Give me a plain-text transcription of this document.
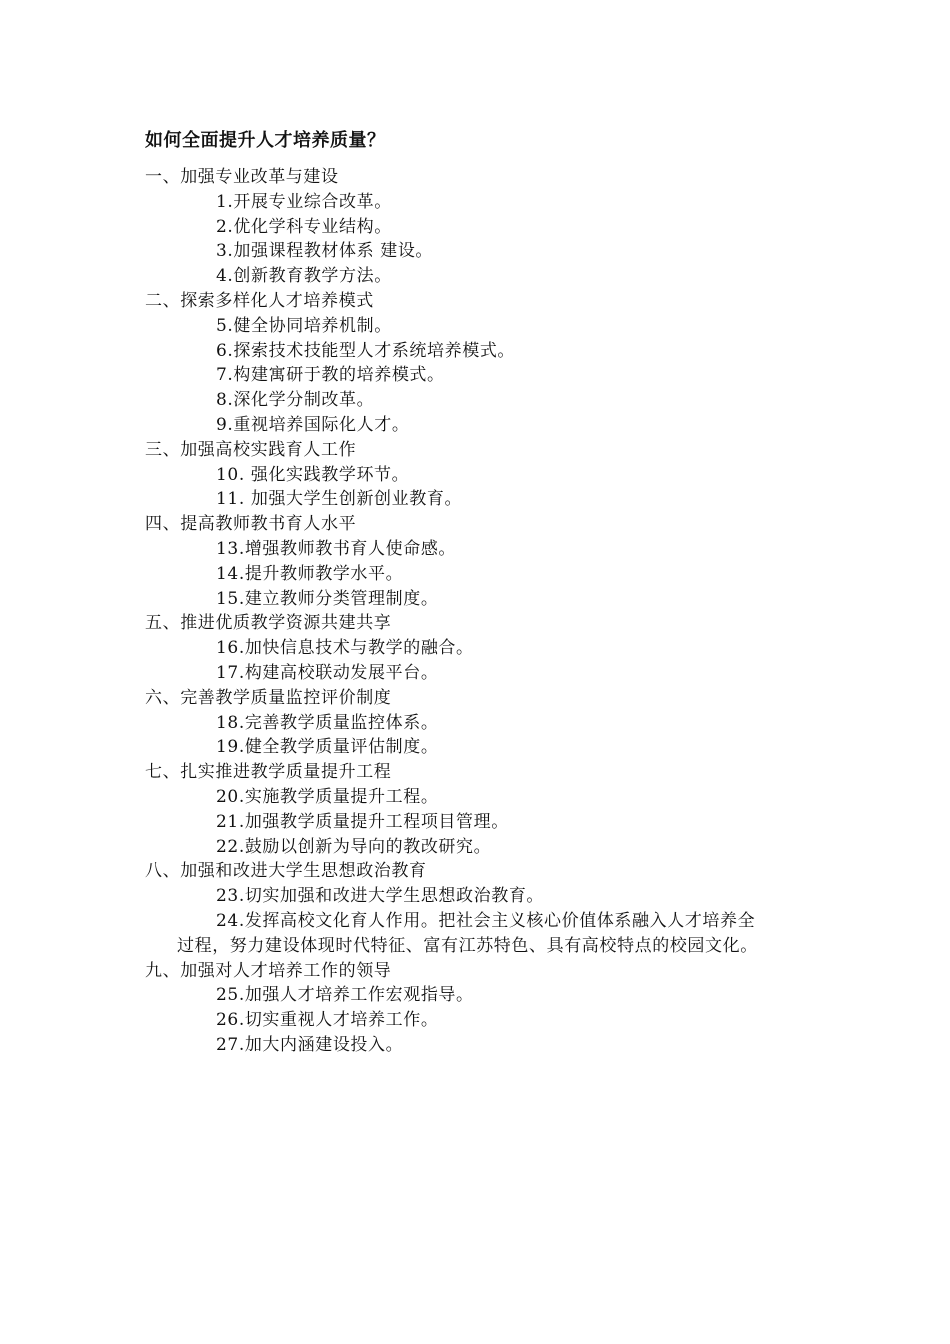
如何全面提升人才培养质量？

一、加强专业改革与建设

1.开展专业综合改革。

2.优化学科专业结构。

3.加强课程教材体系 建设。

4.创新教育教学方法。

二、探索多样化人才培养模式

5.健全协同培养机制。

6.探索技术技能型人才系统培养模式。

7.构建寓研于教的培养模式。

8.深化学分制改革。

9.重视培养国际化人才。

三、加强高校实践育人工作

10. 强化实践教学环节。

11. 加强大学生创新创业教育。

四、提高教师教书育人水平

13.增强教师教书育人使命感。

14.提升教师教学水平。

15.建立教师分类管理制度。

五、推进优质教学资源共建共享

16.加快信息技术与教学的融合。

17.构建高校联动发展平台。

六、完善教学质量监控评价制度

18.完善教学质量监控体系。

19.健全教学质量评估制度。

七、扎实推进教学质量提升工程

20.实施教学质量提升工程。

21.加强教学质量提升工程项目管理。

22.鼓励以创新为导向的教改研究。

八、加强和改进大学生思想政治教育

23.切实加强和改进大学生思想政治教育。

24.发挥高校文化育人作用。把社会主义核心价值体系融入人才培养全
过程，努力建设体现时代特征、富有江苏特色、具有高校特点的校园文化。

九、加强对人才培养工作的领导

25.加强人才培养工作宏观指导。

26.切实重视人才培养工作。

27.加大内涵建设投入。
